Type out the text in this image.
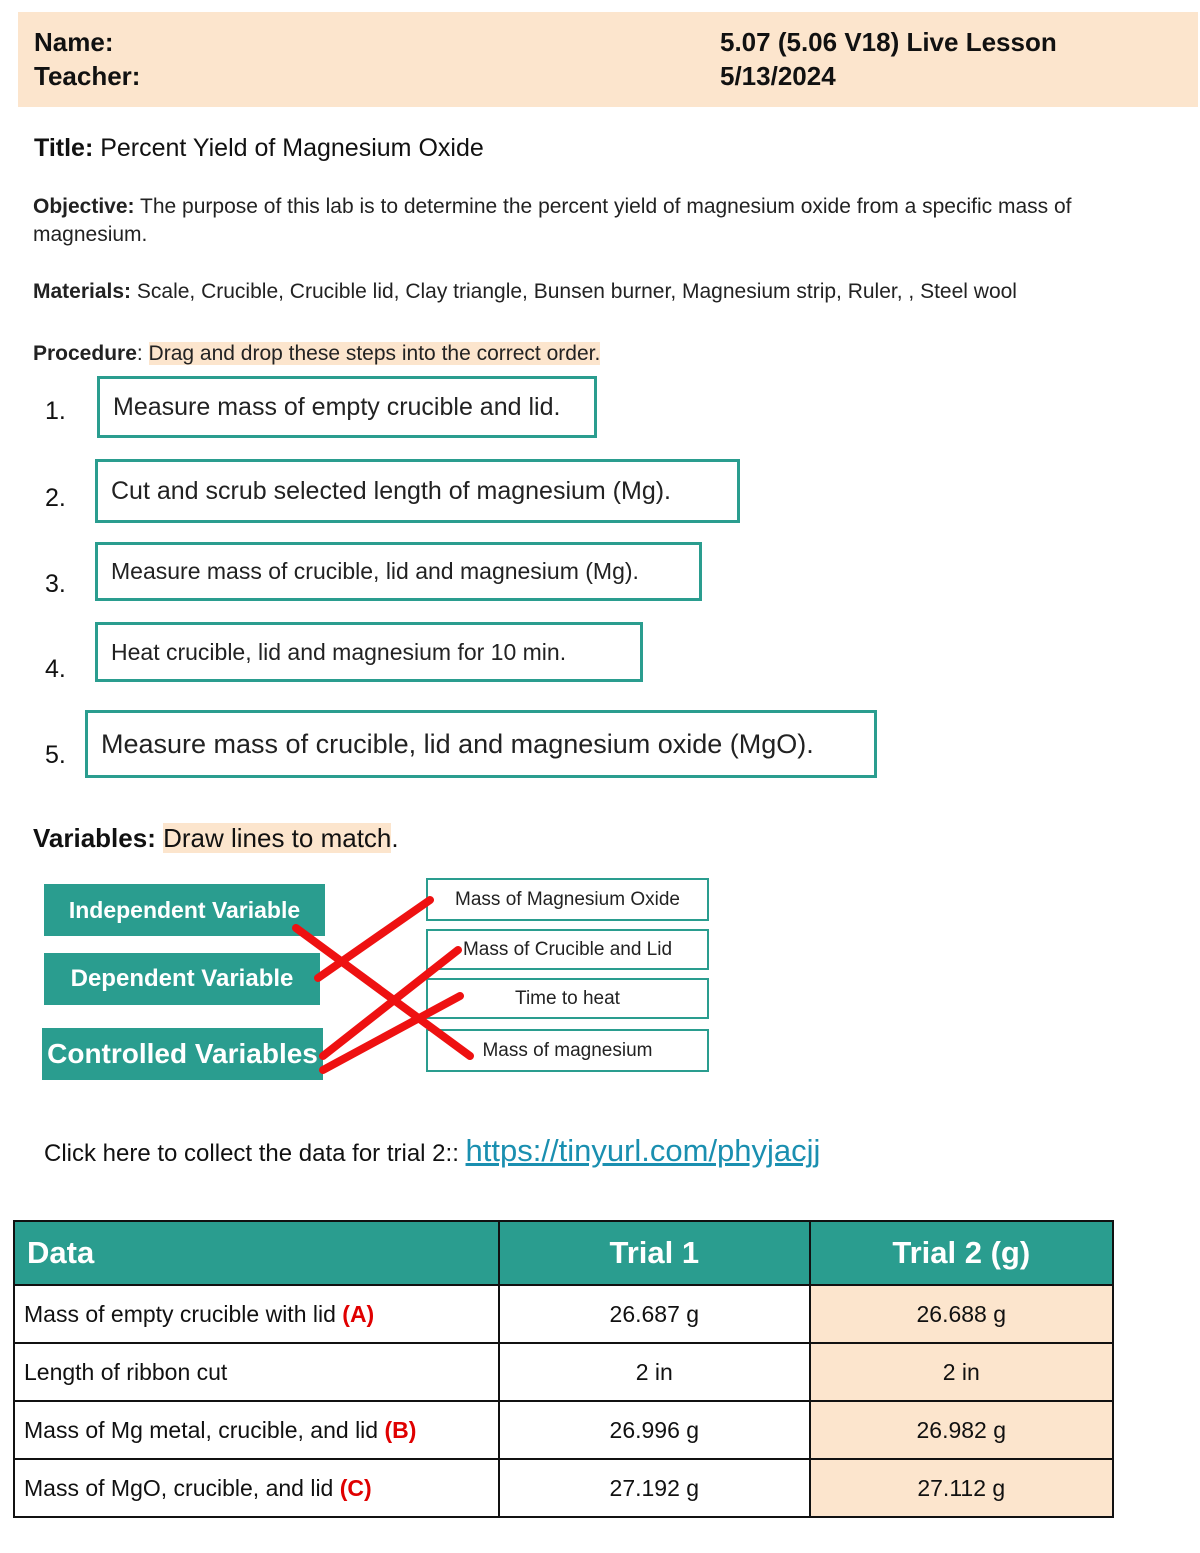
Name:
Teacher:
5.07 (5.06 V18) Live Lesson
5/13/2024
Title: Percent Yield of Magnesium Oxide
Objective: The purpose of this lab is to determine the percent yield of magnesium oxide from a specific mass of magnesium.
Materials: Scale, Crucible, Crucible lid, Clay triangle, Bunsen burner, Magnesium strip, Ruler, , Steel wool
Procedure: Drag and drop these steps into the correct order.
1.	Measure mass of empty crucible and lid.
2.	Cut and scrub selected length of magnesium (Mg).
3.	Measure mass of crucible, lid and magnesium (Mg).
4.
Heat crucible, lid and magnesium for 10 min.
5.	Measure mass of crucible, lid and magnesium oxide (MgO).
Variables: Draw lines to match.
Independent Variable
Dependent Variable
Controlled Variables
Mass of Magnesium Oxide
Mass of Crucible and Lid
Time to heat
Mass of magnesium
Click here to collect the data for trial 2:: https://tinyurl.com/phyjacjj
Data	Trial 1	Trial 2 (g)
Mass of empty crucible with lid (A)	26.687 g	26.688 g
Length of ribbon cut	2 in	2 in
Mass of Mg metal, crucible, and lid (B)	26.996 g	26.982 g
Mass of MgO, crucible, and lid (C)	27.192 g	27.112 g
